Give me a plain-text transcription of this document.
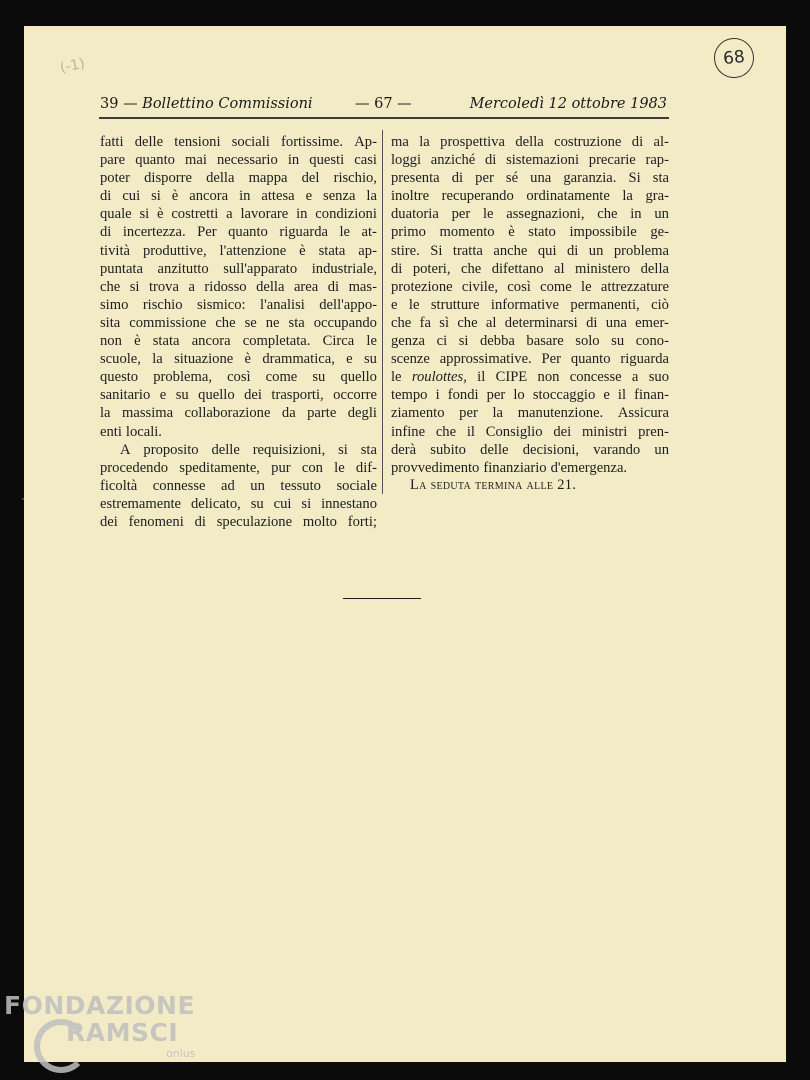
(-1)	68
39 — Bollettino Commissioni	— 67 —	Mercoledì 12 ottobre 1983
fatti delle tensioni sociali fortissime. Ap-
pare quanto mai necessario in questi casi
poter disporre della mappa del rischio,
di cui si è ancora in attesa e senza la
quale si è costretti a lavorare in condizioni
di incertezza. Per quanto riguarda le at-
tività produttive, l'attenzione è stata ap-
puntata anzitutto sull'apparato industriale,
che si trova a ridosso della area di mas-
simo rischio sismico: l'analisi dell'appo-
sita commissione che se ne sta occupando
non è stata ancora completata. Circa le
scuole, la situazione è drammatica, e su
questo problema, così come su quello
sanitario e su quello dei trasporti, occorre
la massima collaborazione da parte degli
enti locali.
A proposito delle requisizioni, si sta
procedendo speditamente, pur con le dif-
ficoltà connesse ad un tessuto sociale
estremamente delicato, su cui si innestano
dei fenomeni di speculazione molto forti;
ma la prospettiva della costruzione di al-
loggi anziché di sistemazioni precarie rap-
presenta di per sé una garanzia. Si sta
inoltre recuperando ordinatamente la gra-
duatoria per le assegnazioni, che in un
primo momento è stato impossibile ge-
stire. Si tratta anche qui di un problema
di poteri, che difettano al ministero della
protezione civile, così come le attrezzature
e le strutture informative permanenti, ciò
che fa sì che al determinarsi di una emer-
genza ci si debba basare solo su cono-
scenze approssimative. Per quanto riguarda
le roulottes, il CIPE non concesse a suo
tempo i fondi per lo stoccaggio e il finan-
ziamento per la manutenzione. Assicura
infine che il Consiglio dei ministri pren-
derà subito delle decisioni, varando un
provvedimento finanziario d'emergenza.
La seduta termina alle 21.
FONDAZIONE
RAMSCI
onlus
